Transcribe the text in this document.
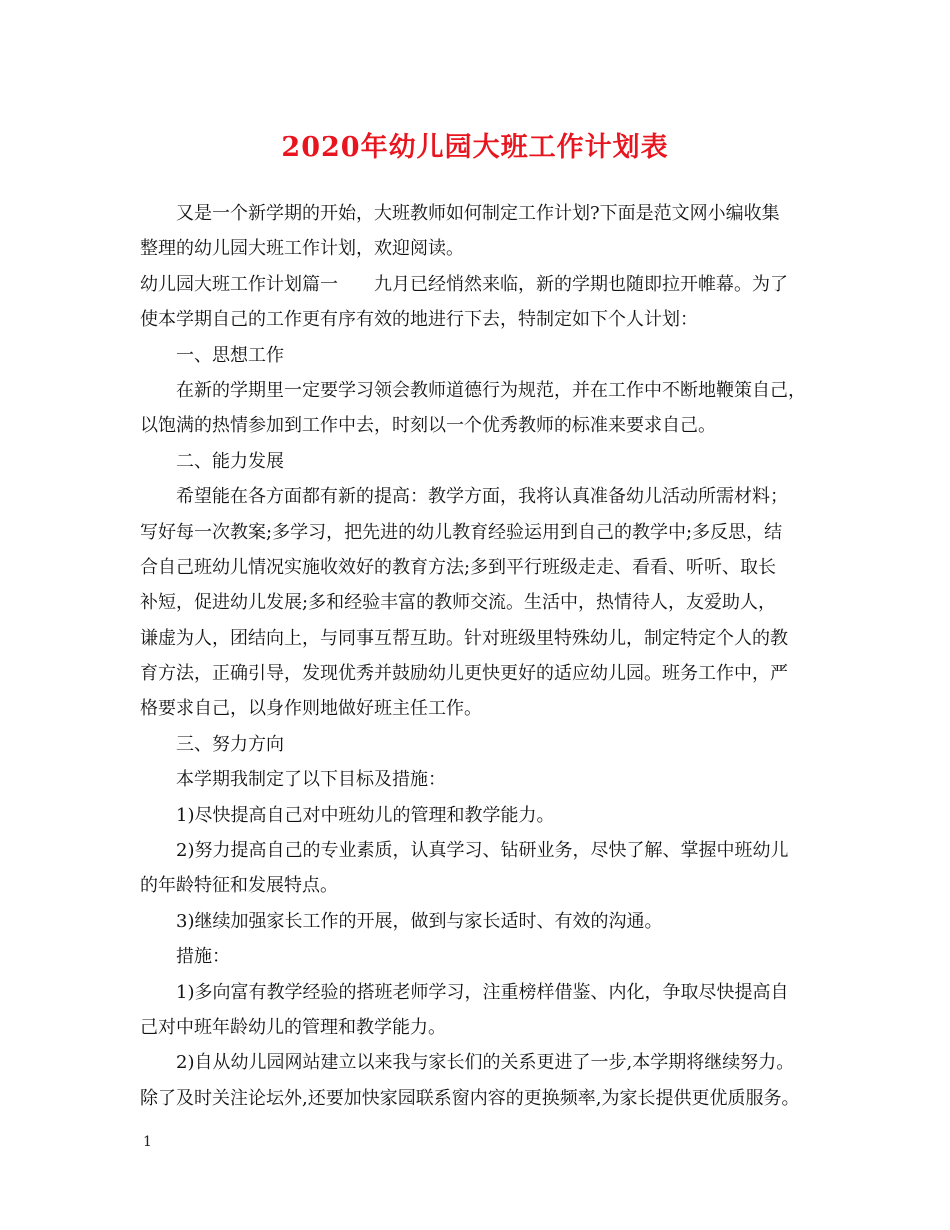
2020年幼儿园大班工作计划表
又是一个新学期的开始，大班教师如何制定工作计划?下面是范文网小编收集
整理的幼儿园大班工作计划，欢迎阅读。
幼儿园大班工作计划篇一 九月已经悄然来临，新的学期也随即拉开帷幕。为了
使本学期自己的工作更有序有效的地进行下去，特制定如下个人计划：
一、思想工作
在新的学期里一定要学习领会教师道德行为规范，并在工作中不断地鞭策自己，
以饱满的热情参加到工作中去，时刻以一个优秀教师的标准来要求自己。
二、能力发展
希望能在各方面都有新的提高：教学方面，我将认真准备幼儿活动所需材料；
写好每一次教案;多学习，把先进的幼儿教育经验运用到自己的教学中;多反思，结
合自己班幼儿情况实施收效好的教育方法;多到平行班级走走、看看、听听、取长
补短，促进幼儿发展;多和经验丰富的教师交流。生活中，热情待人，友爱助人，
谦虚为人，团结向上，与同事互帮互助。针对班级里特殊幼儿，制定特定个人的教
育方法，正确引导，发现优秀并鼓励幼儿更快更好的适应幼儿园。班务工作中，严
格要求自己，以身作则地做好班主任工作。
三、努力方向
本学期我制定了以下目标及措施：
1)尽快提高自己对中班幼儿的管理和教学能力。
2)努力提高自己的专业素质，认真学习、钻研业务，尽快了解、掌握中班幼儿
的年龄特征和发展特点。
3)继续加强家长工作的开展，做到与家长适时、有效的沟通。
措施：
1)多向富有教学经验的搭班老师学习，注重榜样借鉴、内化，争取尽快提高自
己对中班年龄幼儿的管理和教学能力。
2)自从幼儿园网站建立以来我与家长们的关系更进了一步,本学期将继续努力。
除了及时关注论坛外,还要加快家园联系窗内容的更换频率,为家长提供更优质服务。
1
